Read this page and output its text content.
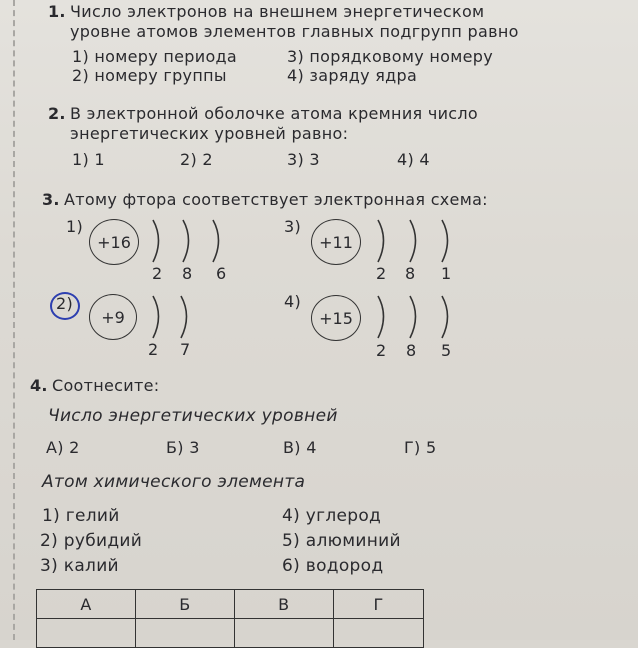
1. Число электронов на внешнем энергетическом
уровне атомов элементов главных подгрупп равно
1) номеру периода	3) порядковому номеру
2) номеру группы	4) заряду ядра
2. В электронной оболочке атома кремния число
энергетических уровней равно:
1) 1	2) 2	3) 3	4) 4
3. Атому фтора соответствует электронная схема:
1)
+16
2 8 6
3)
+11
2 8 1
2)
+9
2 7
4)
+15
2 8 5
4. Соотнесите:
Число энергетических уровней
А) 2	Б) 3	В) 4	Г) 5
Атом химического элемента
1) гелий	4) углерод
2) рубидий	5) алюминий
3) калий	6) водород
А	Б	В	Г
